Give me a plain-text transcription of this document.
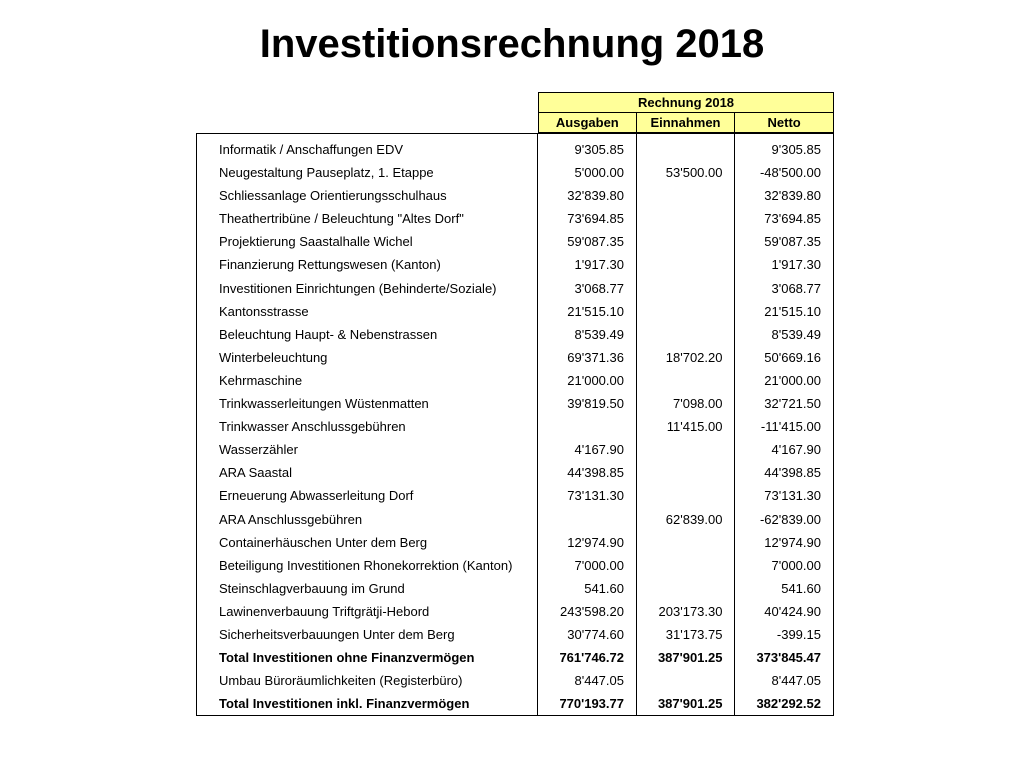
Investitionsrechnung 2018
Rechnung 2018
Ausgaben	Einnahmen	Netto
Informatik / Anschaffungen EDV
Neugestaltung Pauseplatz, 1. Etappe
Schliessanlage Orientierungsschulhaus
Theathertribüne / Beleuchtung "Altes Dorf"
Projektierung Saastalhalle Wichel
Finanzierung Rettungswesen (Kanton)
Investitionen Einrichtungen (Behinderte/Soziale)
Kantonsstrasse
Beleuchtung Haupt- & Nebenstrassen
Winterbeleuchtung
Kehrmaschine
Trinkwasserleitungen Wüstenmatten
Trinkwasser Anschlussgebühren
Wasserzähler
ARA Saastal
Erneuerung Abwasserleitung Dorf
ARA Anschlussgebühren
Containerhäuschen Unter dem Berg
Beteiligung Investitionen Rhonekorrektion (Kanton)
Steinschlagverbauung im Grund
Lawinenverbauung Triftgrätji-Hebord
Sicherheitsverbauungen Unter dem Berg
Total Investitionen ohne Finanzvermögen
Umbau Büroräumlichkeiten (Registerbüro)
Total Investitionen inkl. Finanzvermögen
9'305.85
5'000.00
32'839.80
73'694.85
59'087.35
1'917.30
3'068.77
21'515.10
8'539.49
69'371.36
21'000.00
39'819.50
4'167.90
44'398.85
73'131.30
12'974.90
7'000.00
541.60
243'598.20
30'774.60
761'746.72
8'447.05
770'193.77
53'500.00
18'702.20
7'098.00
11'415.00
62'839.00
203'173.30
31'173.75
387'901.25
387'901.25
9'305.85
-48'500.00
32'839.80
73'694.85
59'087.35
1'917.30
3'068.77
21'515.10
8'539.49
50'669.16
21'000.00
32'721.50
-11'415.00
4'167.90
44'398.85
73'131.30
-62'839.00
12'974.90
7'000.00
541.60
40'424.90
-399.15
373'845.47
8'447.05
382'292.52
